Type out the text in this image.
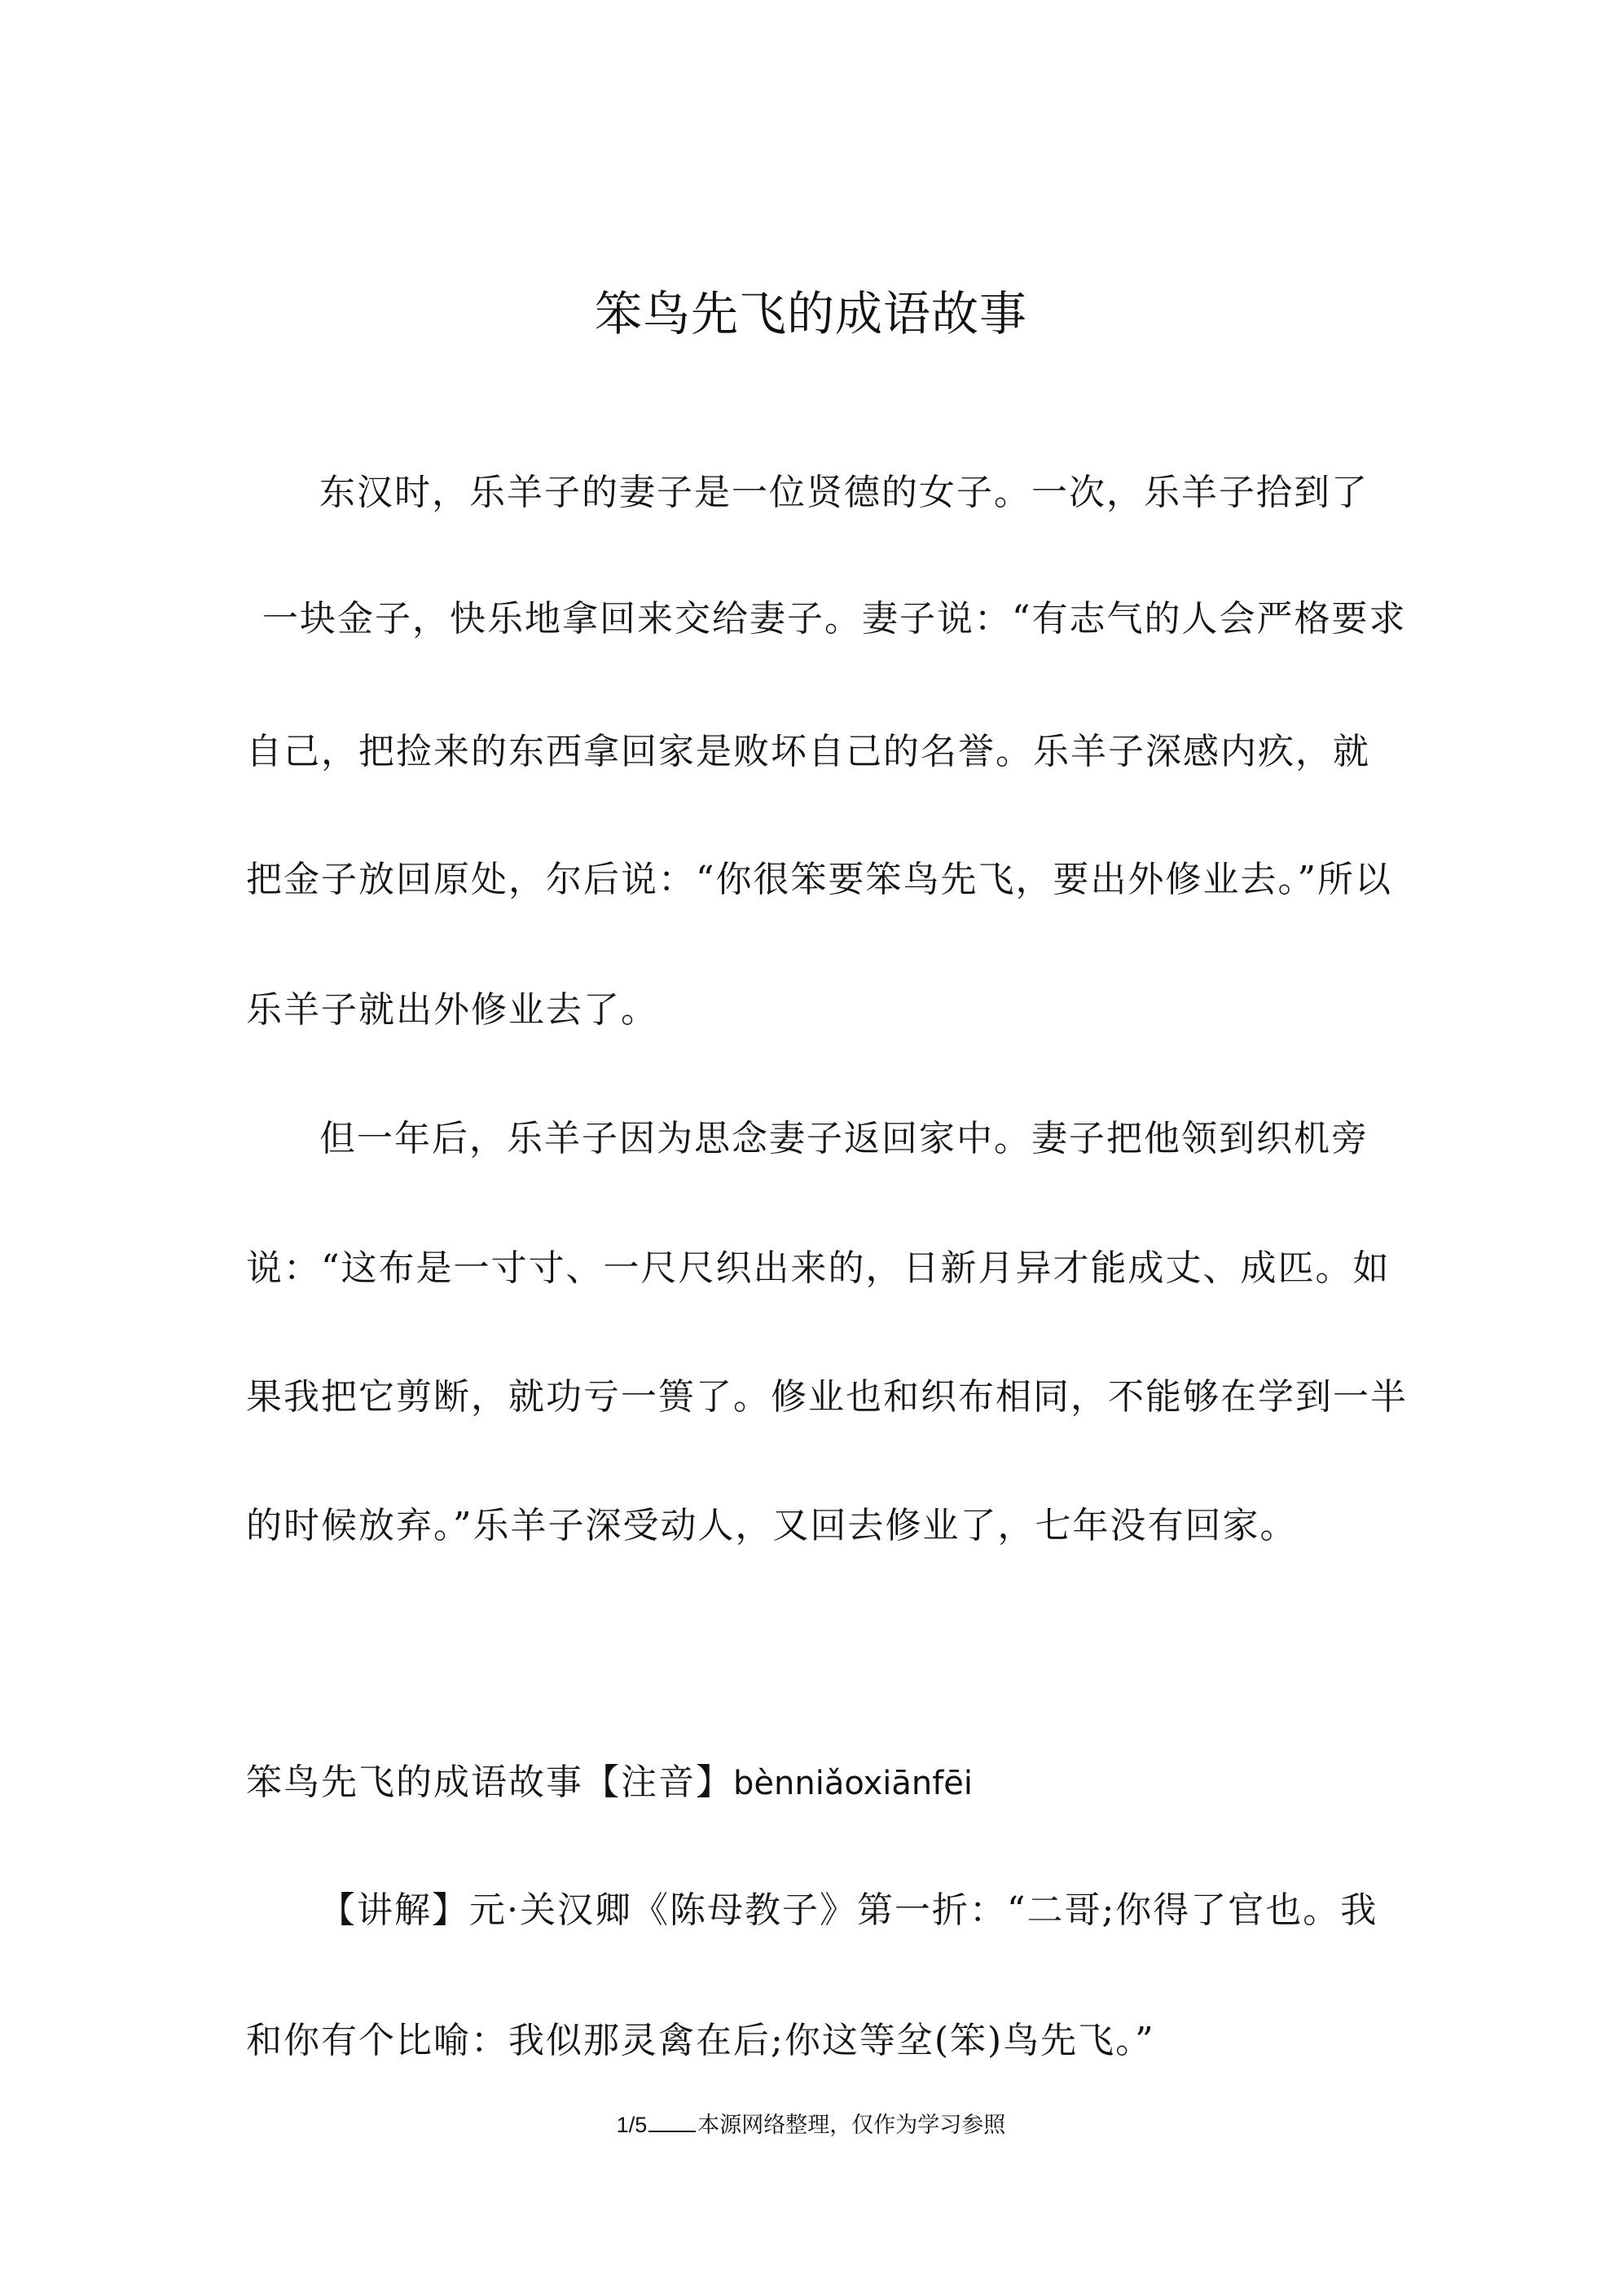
笨鸟先飞的成语故事
东汉时，乐羊子的妻子是一位贤德的女子。一次，乐羊子拾到了
一块金子，快乐地拿回来交给妻子。妻子说：“有志气的人会严格要求
自己，把捡来的东西拿回家是败坏自己的名誉。乐羊子深感内疚，就
把金子放回原处，尔后说：“你很笨要笨鸟先飞，要出外修业去。”所以
乐羊子就出外修业去了。
但一年后，乐羊子因为思念妻子返回家中。妻子把他领到织机旁
说：“这布是一寸寸、一尺尺织出来的，日新月异才能成丈、成匹。如
果我把它剪断，就功亏一篑了。修业也和织布相同，不能够在学到一半
的时候放弃。”乐羊子深受动人，又回去修业了，七年没有回家。
笨鸟先飞的成语故事【注音】bènniǎoxiānfēi
【讲解】元·关汉卿《陈母教子》第一折：“二哥;你得了官也。我
和你有个比喻：我似那灵禽在后;你这等坌(笨)鸟先飞。”
1/5 本源网络整理，仅作为学习参照
